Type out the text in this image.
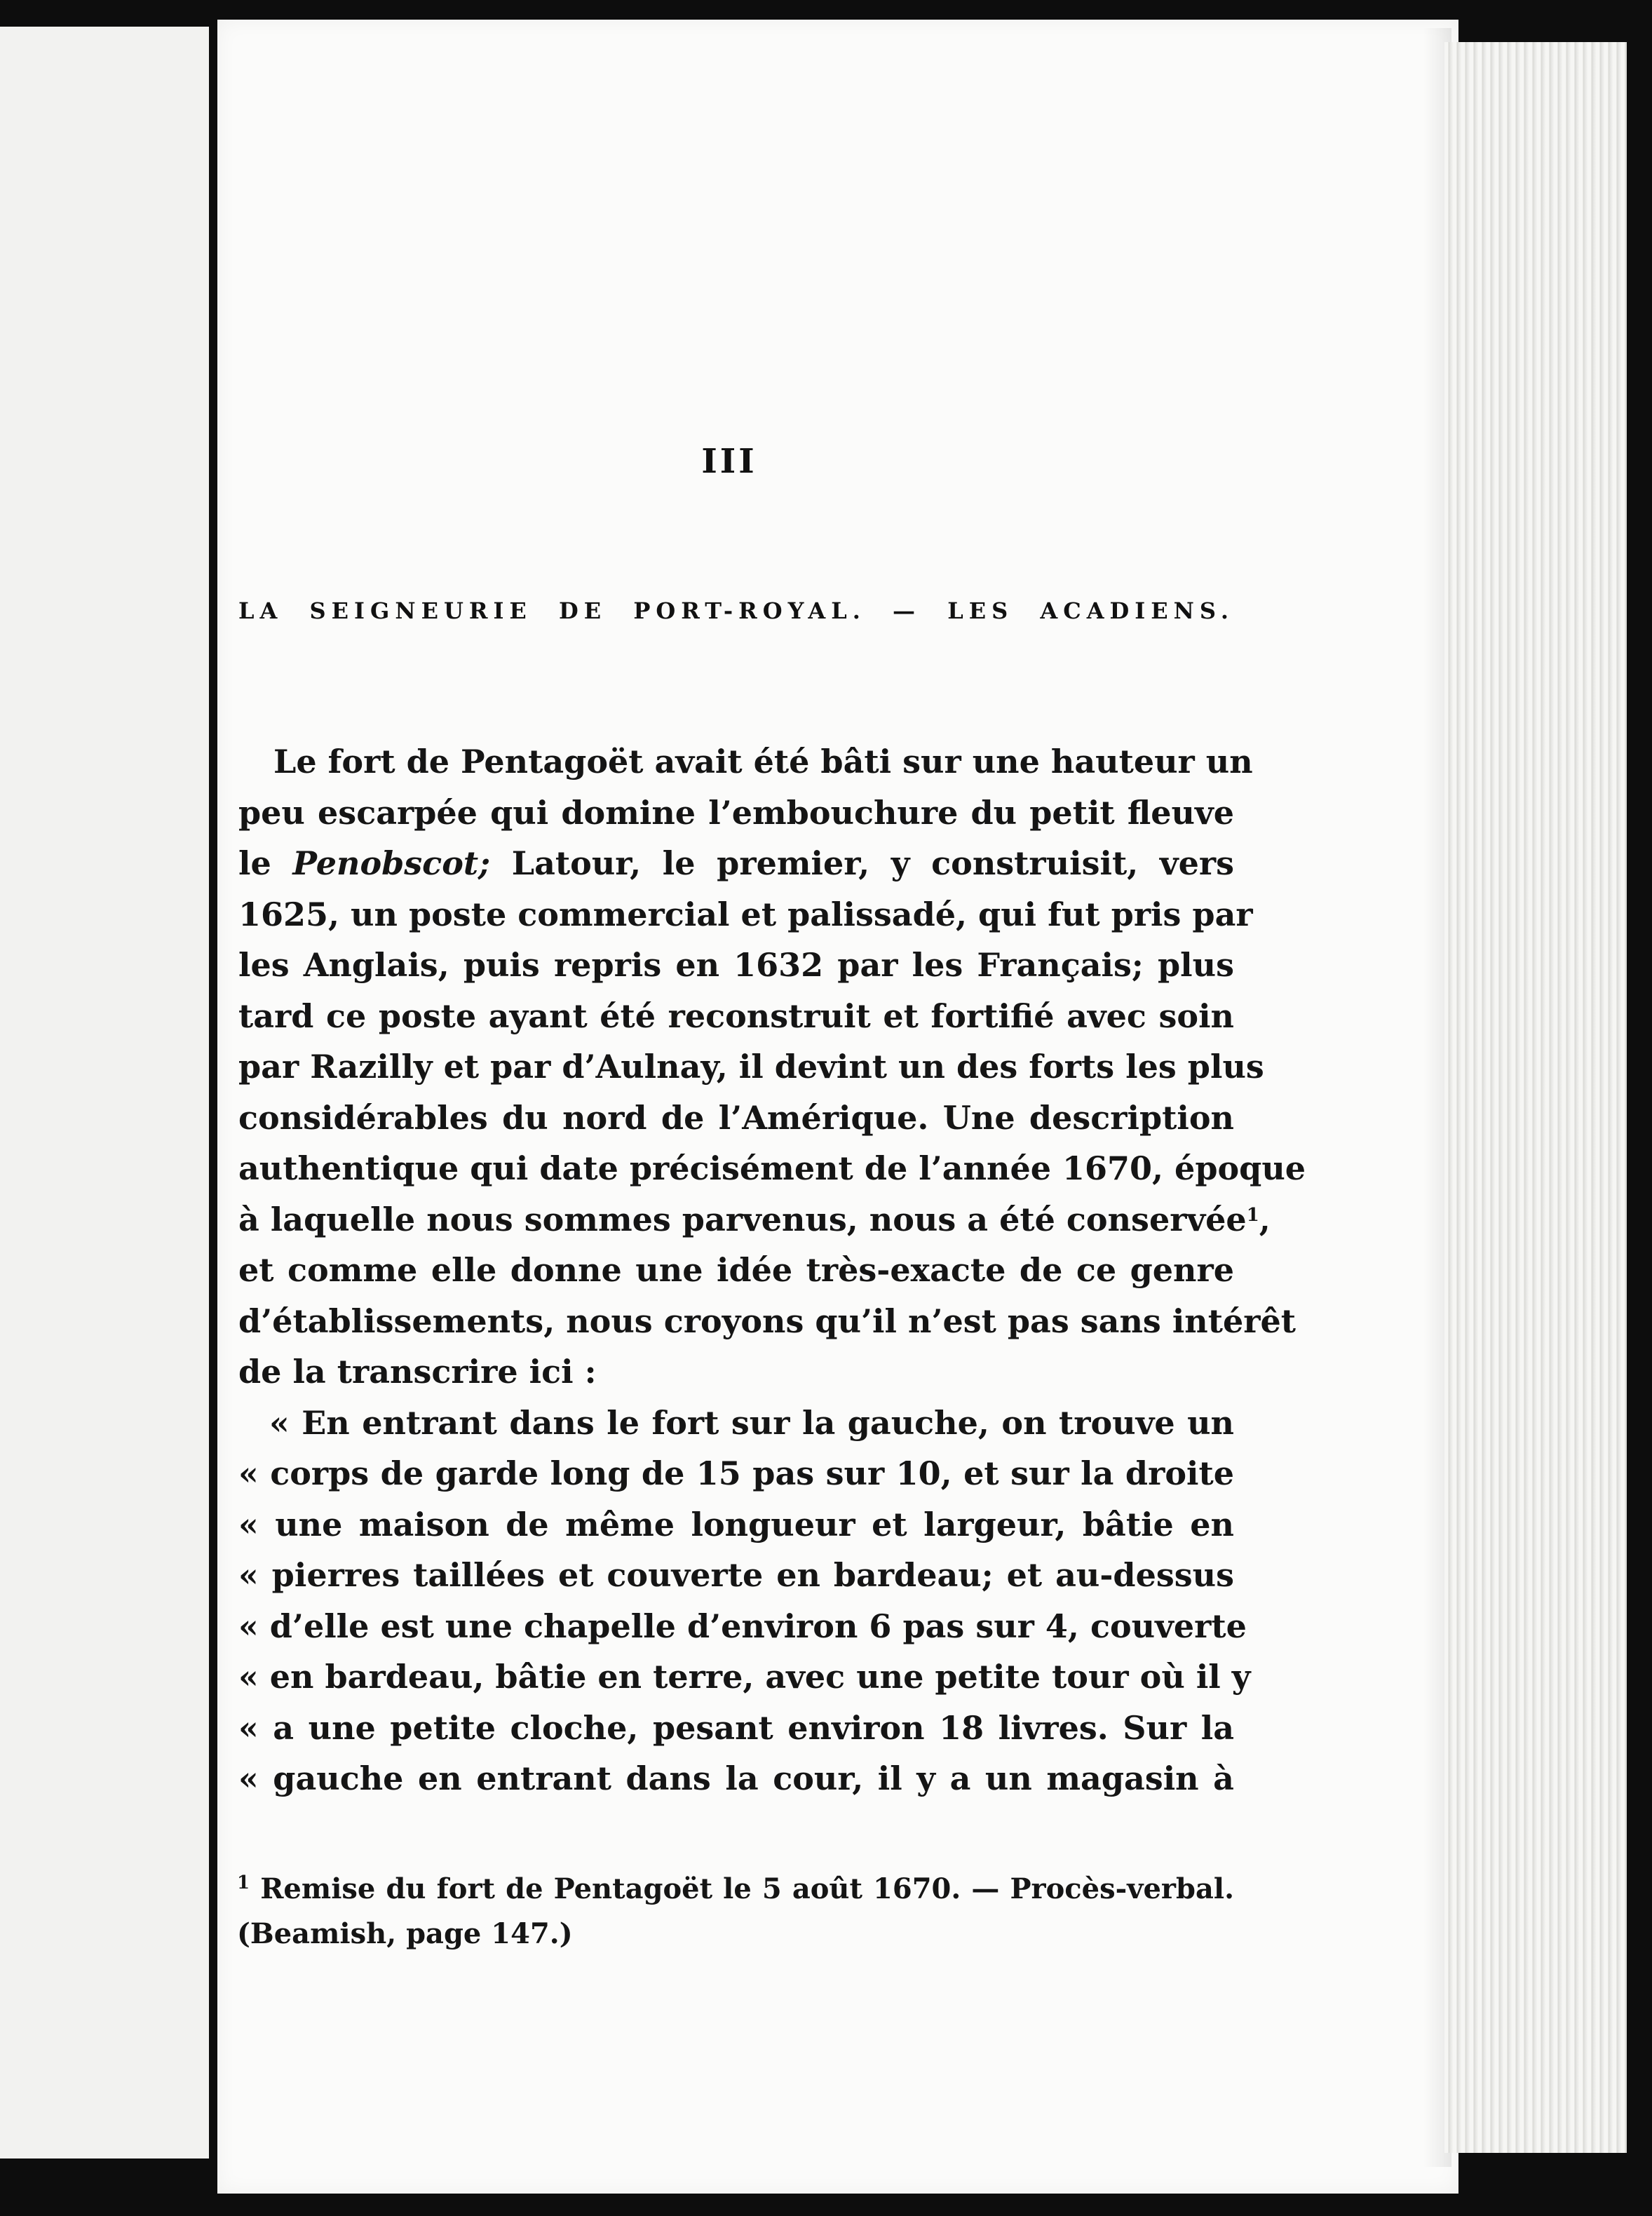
III
LA SEIGNEURIE DE PORT-ROYAL. — LES ACADIENS.

Le fort de Pentagoët avait été bâti sur une hauteur un

peu escarpée qui domine l’embouchure du petit fleuve

le Penobscot; Latour, le premier, y construisit, vers

1625, un poste commercial et palissadé, qui fut pris par

les Anglais, puis repris en 1632 par les Français; plus

tard ce poste ayant été reconstruit et fortifié avec soin

par Razilly et par d’Aulnay, il devint un des forts les plus

considérables du nord de l’Amérique. Une description

authentique qui date précisément de l’année 1670, époque

à laquelle nous sommes parvenus, nous a été conservée$^1$,

et comme elle donne une idée très-exacte de ce genre

d’établissements, nous croyons qu’il n’est pas sans intérêt

de la transcrire ici :

« En entrant dans le fort sur la gauche, on trouve un

« corps de garde long de 15 pas sur 10, et sur la droite

« une maison de même longueur et largeur, bâtie en

« pierres taillées et couverte en bardeau; et au-dessus

« d’elle est une chapelle d’environ 6 pas sur 4, couverte

« en bardeau, bâtie en terre, avec une petite tour où il y

« a une petite cloche, pesant environ 18 livres. Sur la

« gauche en entrant dans la cour, il y a un magasin à

$^1$ Remise du fort de Pentagoët le 5 août 1670. — Procès-verbal.

(Beamish, page 147.)
